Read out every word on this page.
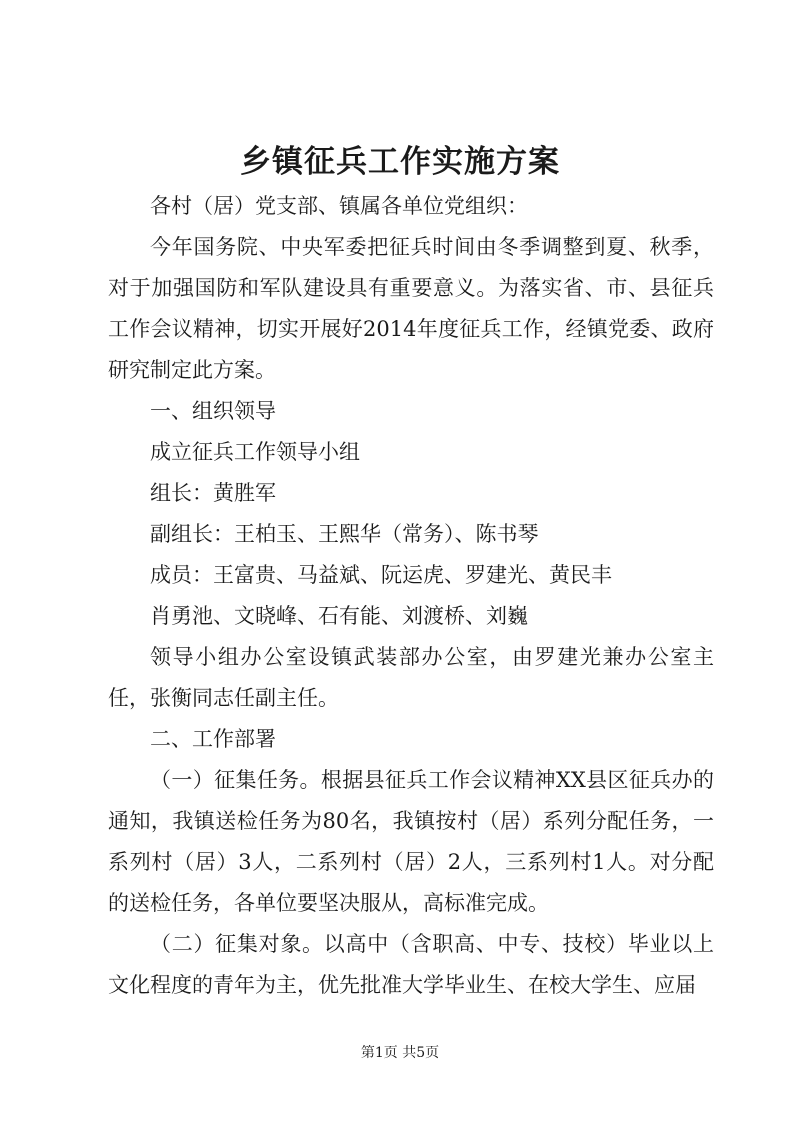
乡镇征兵工作实施方案

各村（居）党支部、镇属各单位党组织：

今年国务院、中央军委把征兵时间由冬季调整到夏、秋季，对于加强国防和军队建设具有重要意义。为落实省、市、县征兵工作会议精神，切实开展好2014年度征兵工作，经镇党委、政府研究制定此方案。

一、组织领导

成立征兵工作领导小组

组长：黄胜军

副组长：王柏玉、王熙华（常务）、陈书琴

成员：王富贵、马益斌、阮运虎、罗建光、黄民丰

肖勇池、文晓峰、石有能、刘渡桥、刘巍

领导小组办公室设镇武装部办公室，由罗建光兼办公室主任，张衡同志任副主任。

二、工作部署

（一）征集任务。根据县征兵工作会议精神XX县区征兵办的通知，我镇送检任务为80名，我镇按村（居）系列分配任务，一系列村（居）3人，二系列村（居）2人，三系列村1人。对分配的送检任务，各单位要坚决服从，高标准完成。

（二）征集对象。以高中（含职高、中专、技校）毕业以上文化程度的青年为主，优先批准大学毕业生、在校大学生、应届

第1页 共5页
